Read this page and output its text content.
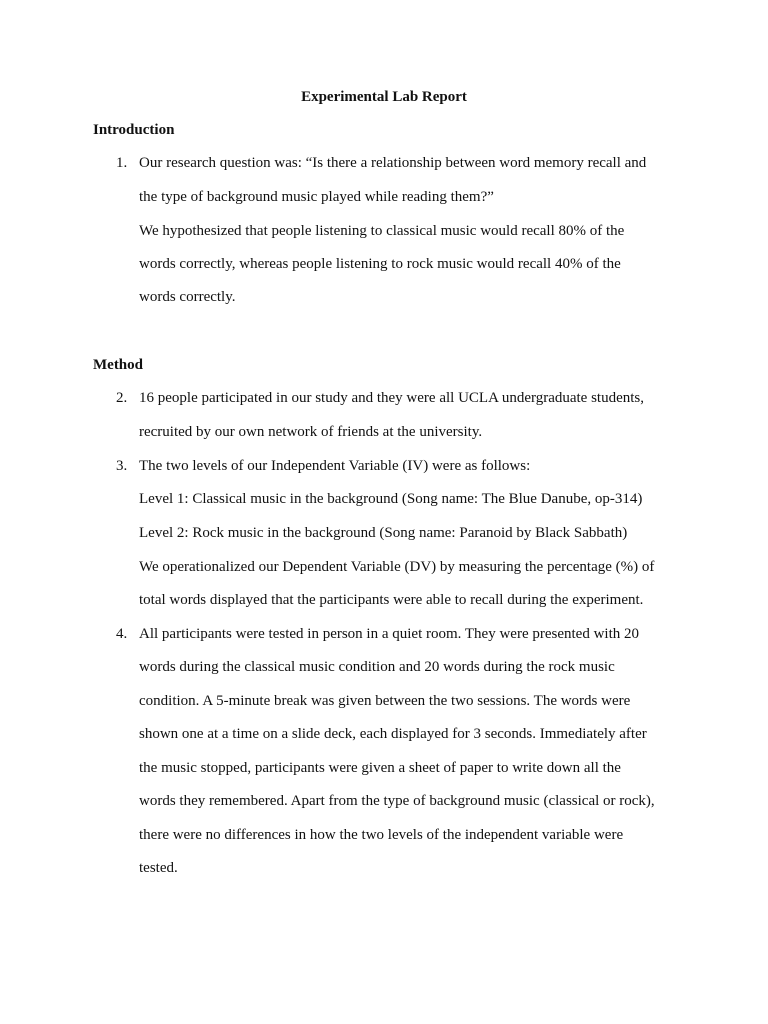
Experimental Lab Report
Introduction
1. Our research question was: “Is there a relationship between word memory recall and
the type of background music played while reading them?”
We hypothesized that people listening to classical music would recall 80% of the
words correctly, whereas people listening to rock music would recall 40% of the
words correctly.
Method
2. 16 people participated in our study and they were all UCLA undergraduate students,
recruited by our own network of friends at the university.
3. The two levels of our Independent Variable (IV) were as follows:
Level 1: Classical music in the background (Song name: The Blue Danube, op-314)
Level 2: Rock music in the background (Song name: Paranoid by Black Sabbath)
We operationalized our Dependent Variable (DV) by measuring the percentage (%) of
total words displayed that the participants were able to recall during the experiment.
4. All participants were tested in person in a quiet room. They were presented with 20
words during the classical music condition and 20 words during the rock music
condition. A 5-minute break was given between the two sessions. The words were
shown one at a time on a slide deck, each displayed for 3 seconds. Immediately after
the music stopped, participants were given a sheet of paper to write down all the
words they remembered. Apart from the type of background music (classical or rock),
there were no differences in how the two levels of the independent variable were
tested.
